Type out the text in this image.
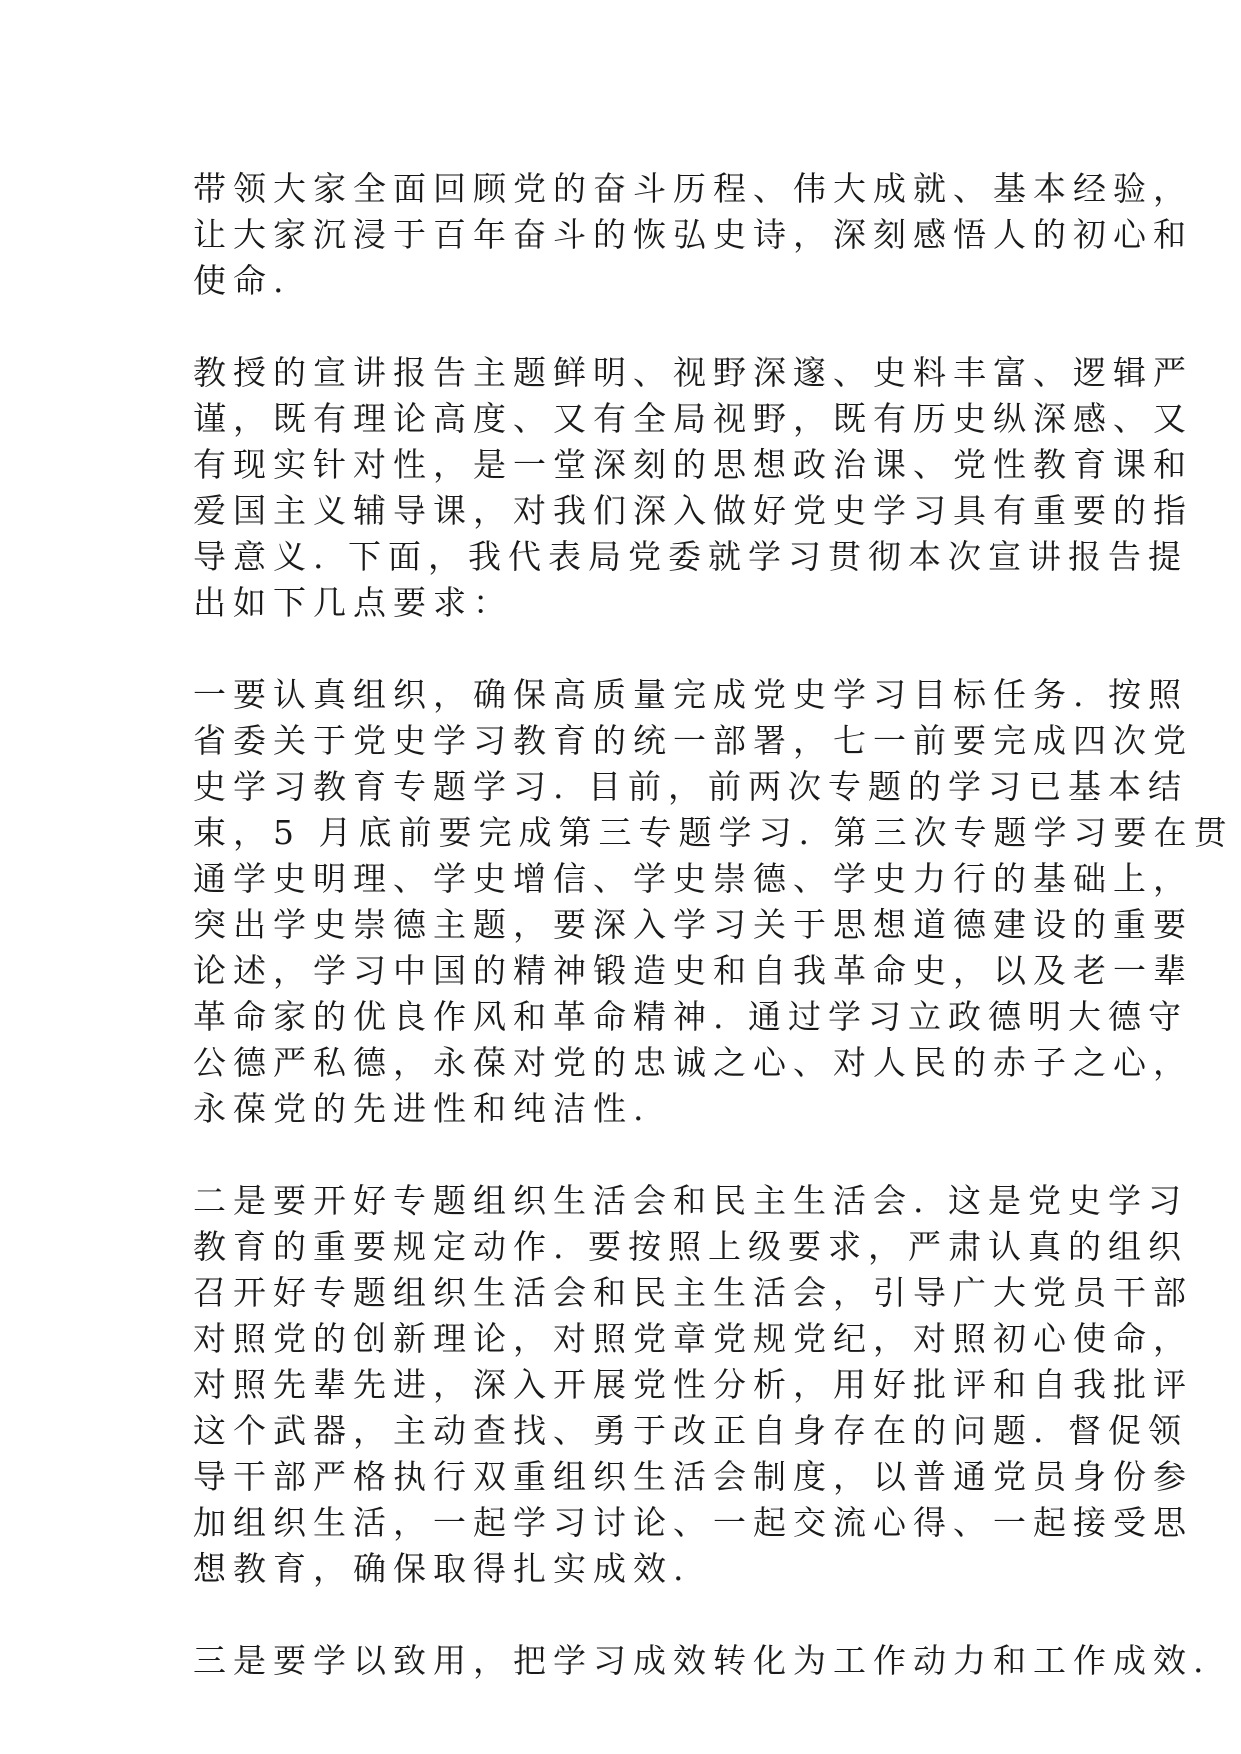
带领大家全面回顾党的奋斗历程、伟大成就、基本经验，
让大家沉浸于百年奋斗的恢弘史诗，深刻感悟人的初心和
使命.
教授的宣讲报告主题鲜明、视野深邃、史料丰富、逻辑严
谨，既有理论高度、又有全局视野，既有历史纵深感、又
有现实针对性，是一堂深刻的思想政治课、党性教育课和
爱国主义辅导课，对我们深入做好党史学习具有重要的指
导意义. 下面，我代表局党委就学习贯彻本次宣讲报告提
出如下几点要求：
一要认真组织，确保高质量完成党史学习目标任务. 按照
省委关于党史学习教育的统一部署，七一前要完成四次党
史学习教育专题学习. 目前，前两次专题的学习已基本结
束，5 月底前要完成第三专题学习. 第三次专题学习要在贯
通学史明理、学史增信、学史崇德、学史力行的基础上，
突出学史崇德主题，要深入学习关于思想道德建设的重要
论述，学习中国的精神锻造史和自我革命史，以及老一辈
革命家的优良作风和革命精神. 通过学习立政德明大德守
公德严私德，永葆对党的忠诚之心、对人民的赤子之心，
永葆党的先进性和纯洁性.
二是要开好专题组织生活会和民主生活会. 这是党史学习
教育的重要规定动作. 要按照上级要求，严肃认真的组织
召开好专题组织生活会和民主生活会，引导广大党员干部
对照党的创新理论，对照党章党规党纪，对照初心使命，
对照先辈先进，深入开展党性分析，用好批评和自我批评
这个武器，主动查找、勇于改正自身存在的问题. 督促领
导干部严格执行双重组织生活会制度，以普通党员身份参
加组织生活，一起学习讨论、一起交流心得、一起接受思
想教育，确保取得扎实成效.
三是要学以致用，把学习成效转化为工作动力和工作成效.
